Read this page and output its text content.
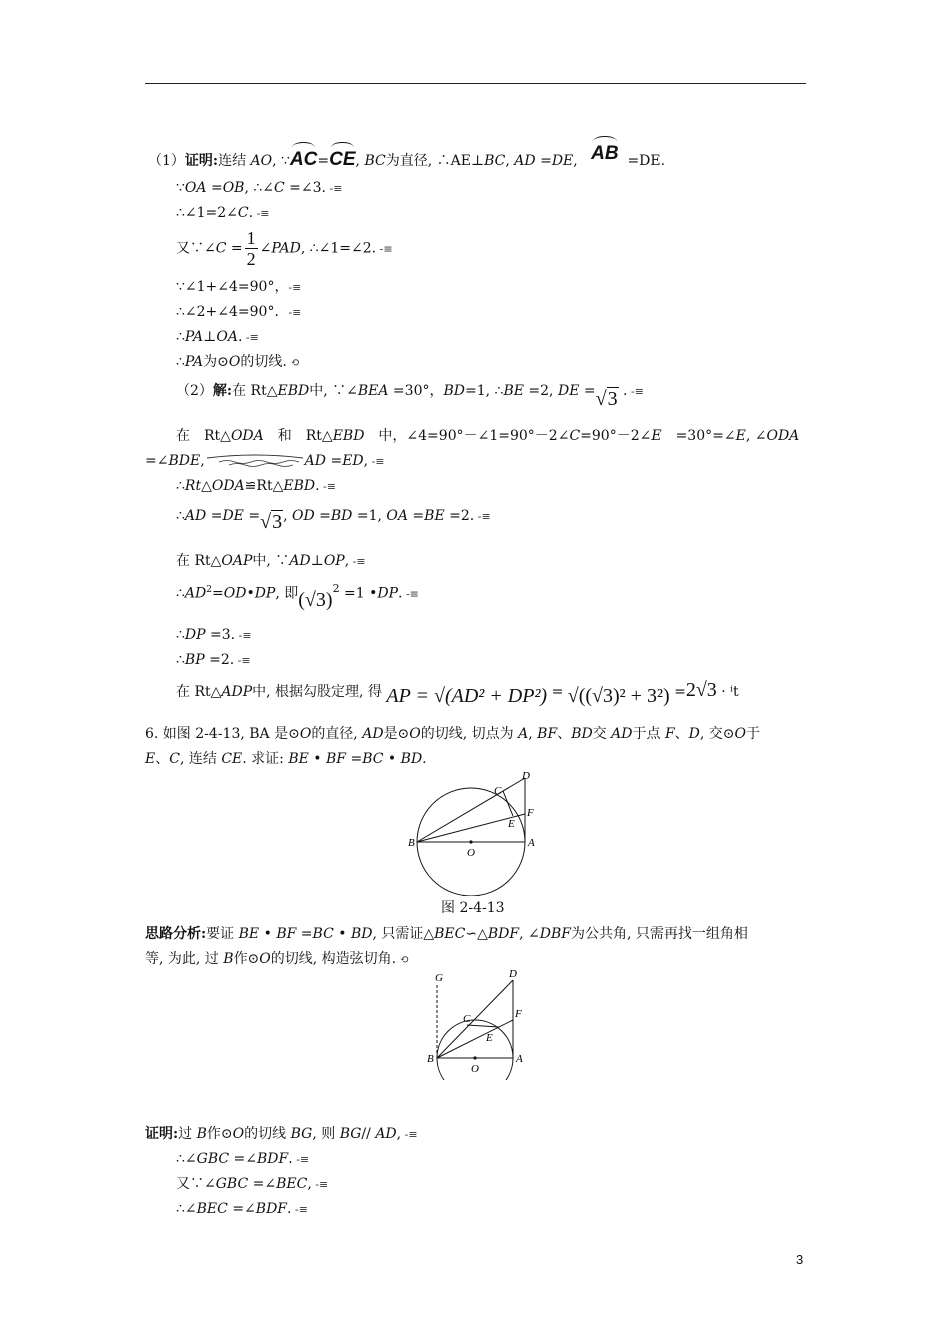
（1）证明:连结 AO, ∵AC=CE, BC为直径, ∴AE⊥BC, AD =DE, AB =DE.
∵OA =OB, ∴∠C =∠3. -≡
∴∠1=2∠C. -≡
又∵∠C = $\frac{1}{2}$ ∠PAD, ∴∠1=∠2. -≡
∵∠1+∠4=90°，-≡
∴∠2+∠4=90°．-≡
∴PA⊥OA. -≡
∴PA为⊙O的切线. ⟲
（2）解:在 Rt△EBD中, ∵∠BEA =30°，BD=1, ∴BE =2, DE =√3 . -≡
在　Rt△ODA　和　Rt△EBD　中，∠4=90°－∠1=90°－2∠C=90°－2∠E　=30°=∠E, ∠ODA
=∠BDE,	AD =ED, -≡
∴Rt△ODA≌Rt△EBD. -≡
∴AD =DE =√3, OD =BD =1, OA =BE =2. -≡
在 Rt△OAP中, ∵AD⊥OP, -≡
$\therefore AD^2=OD•DP$, 即$(√3)^2 =1$ •DP. -≡
∴DP =3. -≡
∴BP =2. -≡
在 Rt△ADP中, 根据勾股定理, 得 AP = √(AD² + DP²) = √((√3)² + 3²) =2√3 · ⁱt
6. 如图 2-4-13, BA 是⊙O的直径, AD是⊙O的切线, 切点为 A, BF、BD交 AD于点 F、D, 交⊙O于
E、C, 连结 CE. 求证: BE • BF =BC • BD.
B
O
A
C
D
E
F
图 2-4-13
思路分析:要证 BE • BF =BC • BD, 只需证△BEC∽△BDF, ∠DBF为公共角, 只需再找一组角相
等, 为此, 过 B作⊙O的切线, 构造弦切角. ⟲
G
B
O
A
C
D
E
F
证明:过 B作⊙O的切线 BG, 则 BG// AD, -≡
∴∠GBC =∠BDF. -≡
又∵∠GBC =∠BEC, -≡
∴∠BEC =∠BDF. -≡
3
